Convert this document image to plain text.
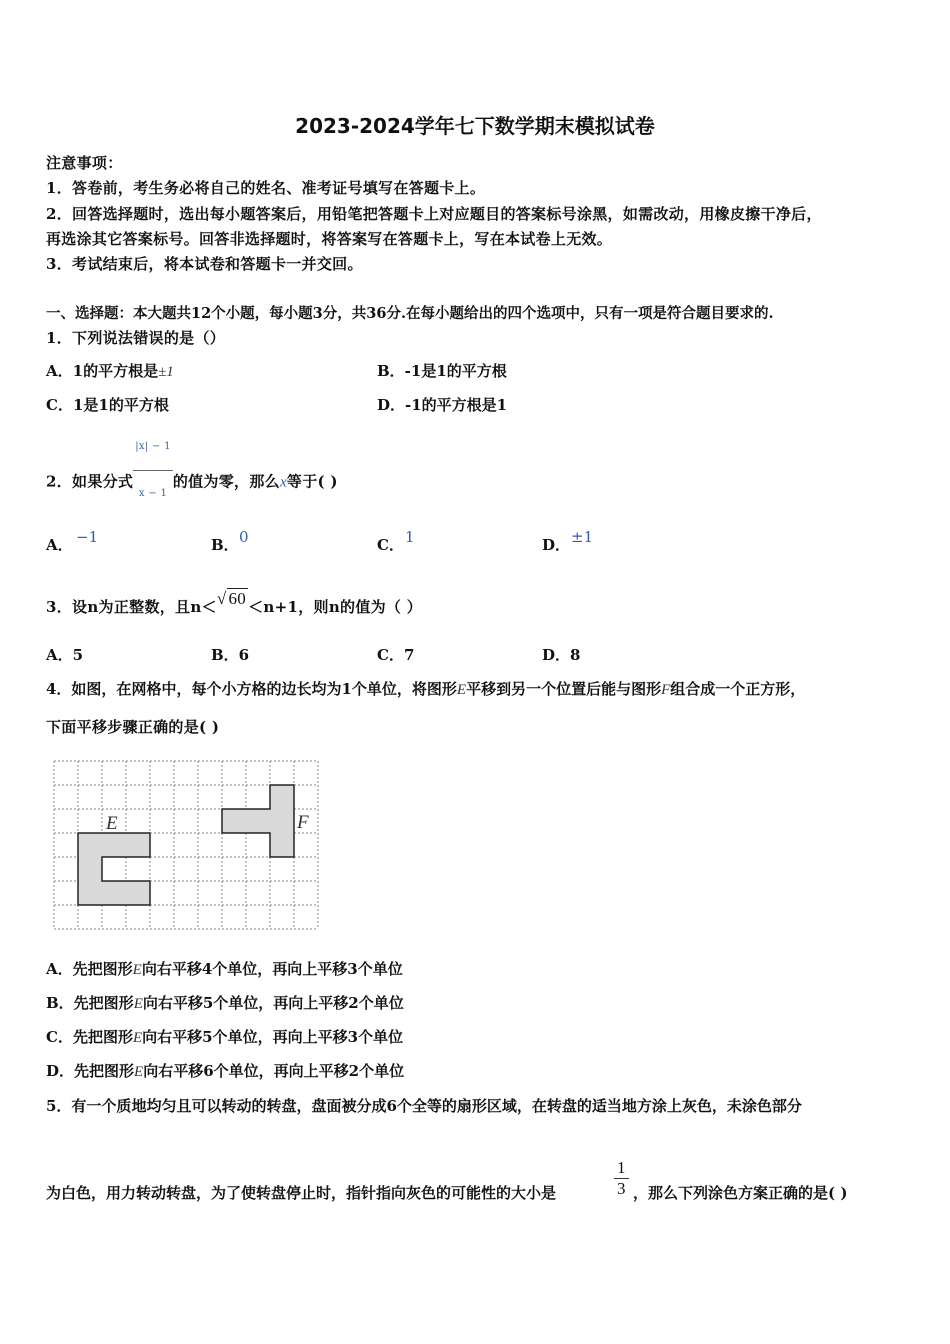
2023-2024学年七下数学期末模拟试卷
注意事项：
1．答卷前，考生务必将自己的姓名、准考证号填写在答题卡上。
2．回答选择题时，选出每小题答案后，用铅笔把答题卡上对应题目的答案标号涂黑，如需改动，用橡皮擦干净后，
再选涂其它答案标号。回答非选择题时，将答案写在答题卡上，写在本试卷上无效。
3．考试结束后，将本试卷和答题卡一并交回。
一、选择题：本大题共12个小题，每小题3分，共36分.在每小题给出的四个选项中，只有一项是符合题目要求的.
1．下列说法错误的是（）
A．1的平方根是±1	B．-1是1的平方根
C．1是1的平方根	D．-1的平方根是1
2．如果分式 $\frac{|x| - 1}{x - 1}$ 的值为零，那么x等于( )
A． −1	B． 0	C． 1	D． ±1
3．设n为正整数，且n＜√ 60 ＜n+1，则n的值为（ ）
A．5	B．6	C．7	D．8
4．如图，在网格中，每个小方格的边长均为1个单位，将图形E平移到另一个位置后能与图形F组合成一个正方形，
下面平移步骤正确的是( )
E	F
A．先把图形E向右平移4个单位，再向上平移3个单位
B．先把图形E向右平移5个单位，再向上平移2个单位
C．先把图形E向右平移5个单位，再向上平移3个单位
D．先把图形E向右平移6个单位，再向上平移2个单位
5．有一个质地均匀且可以转动的转盘，盘面被分成6个全等的扇形区域，在转盘的适当地方涂上灰色，未涂色部分
为白色，用力转动转盘，为了使转盘停止时，指针指向灰色的可能性的大小是	$\frac{1}{3}$ ，那么下列涂色方案正确的是( )
